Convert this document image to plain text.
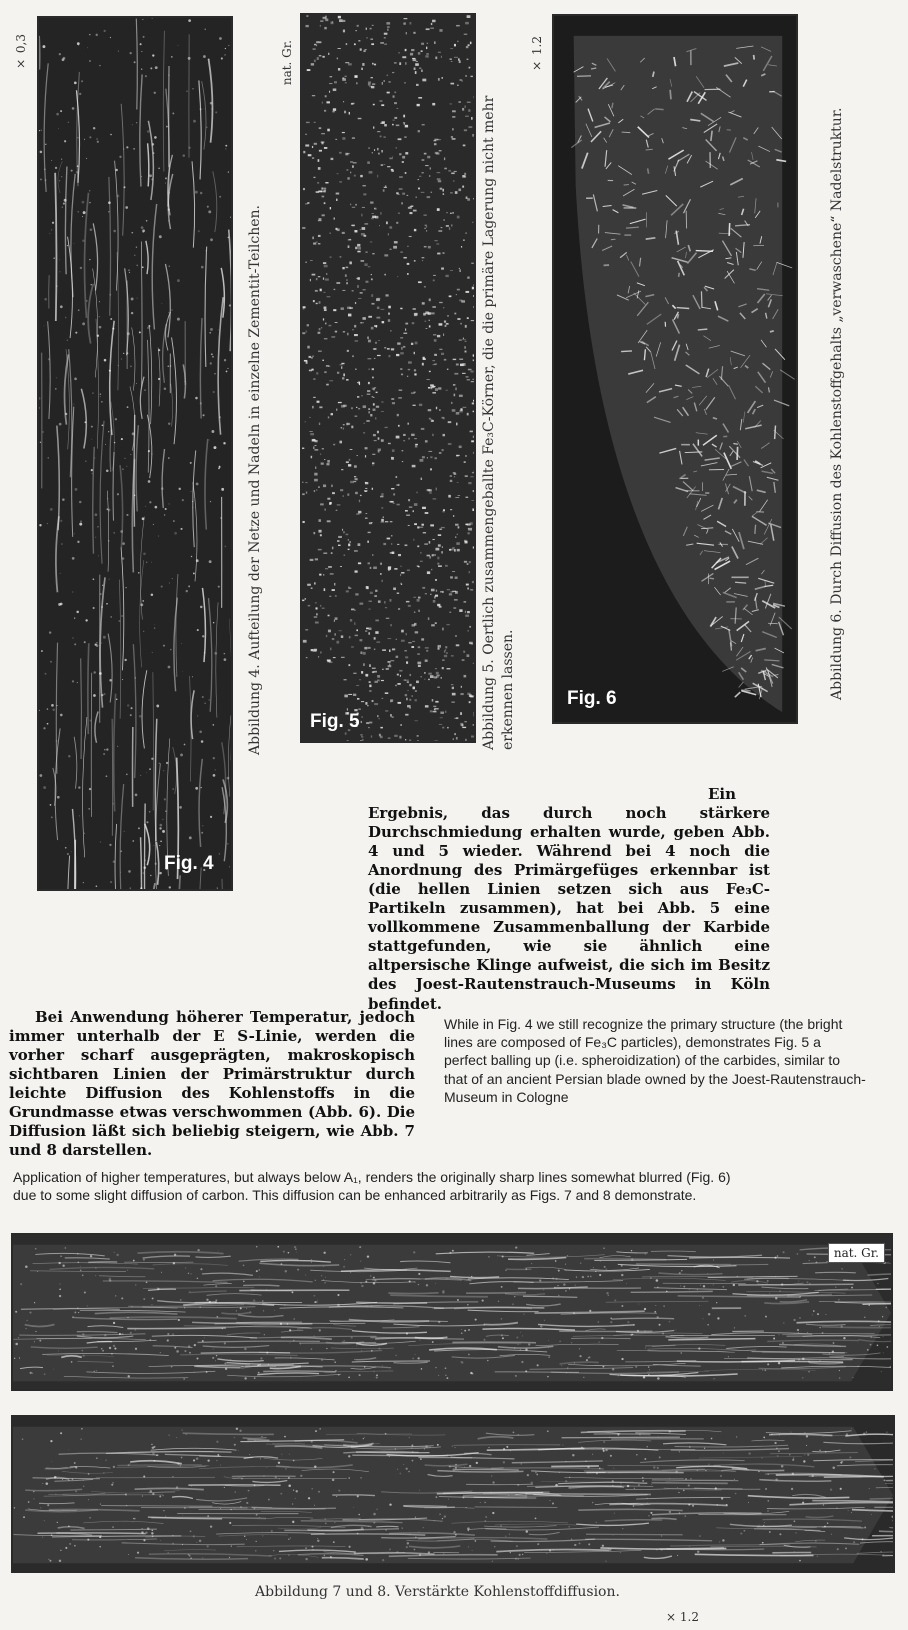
Fig. 4
× 0,3
Abbildung 4. Aufteilung der Netze und Nadeln in einzelne Zementit-Teilchen. Fig. 5
nat. Gr.
Abbildung 5. Oertlich zusammengeballte Fe₃C-Körner, die die primäre Lagerung nicht mehr erkennen lassen.	Fig. 6
× 1.2
Abbildung 6. Durch Diffusion des Kohlenstoffgehalts „verwaschene“ Nadelstruktur.
Ein Ergebnis, das durch noch stärkere Durchschmiedung erhalten wurde, geben Abb. 4 und 5 wieder. Während bei 4 noch die Anordnung des Primärgefüges erkennbar ist (die hellen Linien setzen sich aus Fe₃C-Partikeln zusammen), hat bei Abb. 5 eine vollkommene Zusammenballung der Karbide stattgefunden, wie sie ähnlich eine altpersische Klinge aufweist, die sich im Besitz des Joest-Rautenstrauch-Museums in Köln befindet.
Bei Anwendung höherer Temperatur, jedoch immer unterhalb der E S-Linie, werden die vorher scharf ausgeprägten, makroskopisch sichtbaren Linien der Primärstruktur durch leichte Diffusion des Kohlenstoffs in die Grundmasse etwas verschwommen (Abb. 6). Die Diffusion läßt sich beliebig steigern, wie Abb. 7 und 8 darstellen.
While in Fig. 4 we still recognize the primary structure (the bright lines are composed of Fe₃C particles), demonstrates Fig. 5 a perfect balling up (i.e. spheroidization) of the carbides, similar to that of an ancient Persian blade owned by the Joest-Rautenstrauch-Museum in Cologne
Application of higher temperatures, but always below A₁, renders the originally sharp lines somewhat blurred (Fig. 6) due to some slight diffusion of carbon. This diffusion can be enhanced arbitrarily as Figs. 7 and 8 demonstrate.
nat. Gr.
Abbildung 7 und 8. Verstärkte Kohlenstoffdiffusion.
× 1.2
